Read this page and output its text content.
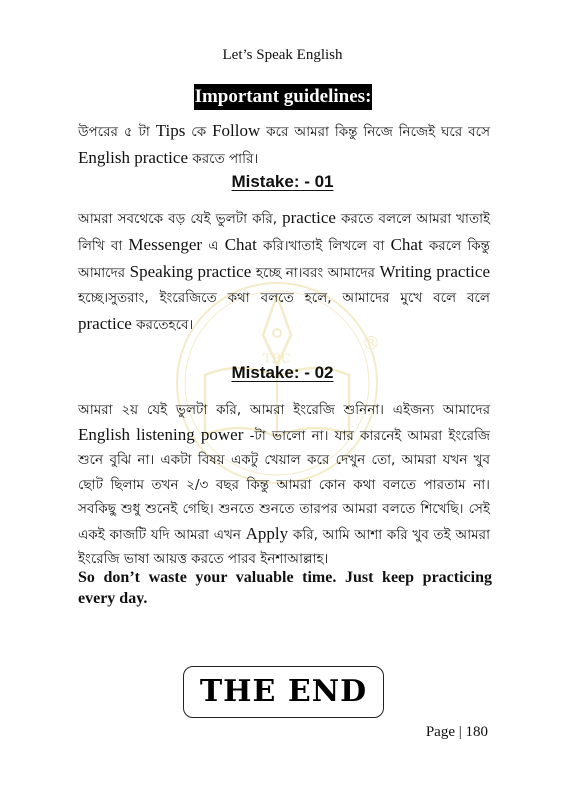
TBC
®
Let’s Speak English
Important guidelines:
উপরের ৫ টা Tips কে Follow করে আমরা কিন্তু নিজে নিজেই ঘরে বসে English practice করতে পারি।
Mistake: - 01
আমরা সবথেকে বড় যেই ভুলটা করি, practice করতে বললে আমরা খাতাই লিখি বা Messenger এ Chat করি।খাতাই লিখলে বা Chat করলে কিন্তু আমাদের Speaking practice হচ্ছে না।বরং আমাদের Writing practice হচ্ছে।সুতরাং, ইংরেজিতে কথা বলতে হলে, আমাদের মুখে বলে বলে practice করতেহবে।
Mistake: - 02
আমরা ২য় যেই ভুলটা করি, আমরা ইংরেজি শুনিনা। এইজন্য আমাদের English listening power -টা ভালো না। যার কারনেই আমরা ইংরেজি শুনে বুঝি না। একটা বিষয় একটু খেয়াল করে দেখুন তো, আমরা যখন খুব ছোট ছিলাম তখন ২/৩ বছর কিন্তু আমরা কোন কথা বলতে পারতাম না। সবকিছু শুধু শুনেই গেছি। শুনতে শুনতে তারপর আমরা বলতে শিখেছি। সেই একই কাজটি যদি আমরা এখন Apply করি, আমি আশা করি খুব তই আমরা ইংরেজি ভাষা আয়ত্ত করতে পারব ইনশাআল্লাহ।
So don’t waste your valuable time. Just keep practicing every day.
THE END
Page | 180
